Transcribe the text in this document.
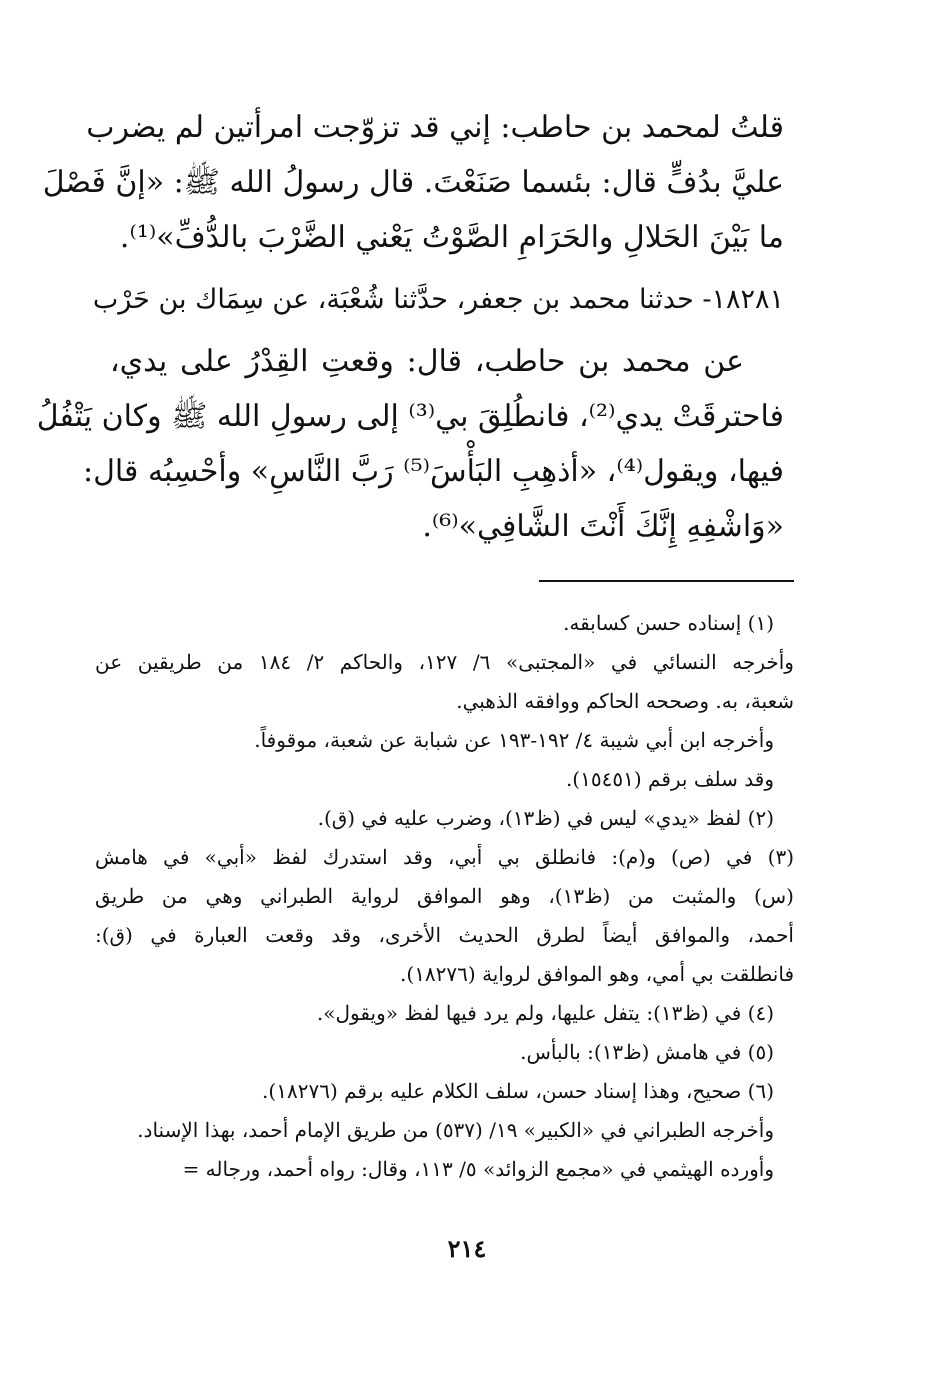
قلتُ لمحمد بن حاطب: إني قد تزوّجت امرأتين لم يضرب
عليَّ بدُفٍّ قال: بئسما صَنَعْتَ. قال رسولُ الله ﷺ: «إنَّ فَصْلَ
ما بَيْنَ الحَلالِ والحَرَامِ الصَّوْتُ يَعْني الضَّرْبَ بالدُّفِّ»⁽¹⁾.
١٨٢٨١- حدثنا محمد بن جعفر، حدَّثنا شُعْبَة، عن سِمَاك بن حَرْب
عن محمد بن حاطب، قال: وقعتِ القِدْرُ على يدي،
فاحترقَتْ يدي⁽²⁾، فانطُلِقَ بي⁽³⁾ إلى رسولِ الله ﷺ وكان يَتْفُلُ
فيها، ويقول⁽⁴⁾، «أذهِبِ البَأْسَ⁽⁵⁾ رَبَّ النَّاسِ» وأحْسِبُه قال:
«وَاشْفِهِ إِنَّكَ أَنْتَ الشَّافِي»⁽⁶⁾.
(١) إسناده حسن كسابقه.
وأخرجه النسائي في «المجتبى» ٦/ ١٢٧، والحاكم ٢/ ١٨٤ من طريقين عن
شعبة، به. وصححه الحاكم ووافقه الذهبي.
وأخرجه ابن أبي شيبة ٤/ ١٩٢-١٩٣ عن شبابة عن شعبة، موقوفاً.
وقد سلف برقم (١٥٤٥١).
(٢) لفظ «يدي» ليس في (ظ١٣)، وضرب عليه في (ق).
(٣) في (ص) و(م): فانطلق بي أبي، وقد استدرك لفظ «أبي» في هامش
(س) والمثبت من (ظ١٣)، وهو الموافق لرواية الطبراني وهي من طريق
أحمد، والموافق أيضاً لطرق الحديث الأخرى، وقد وقعت العبارة في (ق):
فانطلقت بي أمي، وهو الموافق لرواية (١٨٢٧٦).
(٤) في (ظ١٣): يتفل عليها، ولم يرد فيها لفظ «ويقول».
(٥) في هامش (ظ١٣): بالبأس.
(٦) صحيح، وهذا إسناد حسن، سلف الكلام عليه برقم (١٨٢٧٦).
وأخرجه الطبراني في «الكبير» ١٩/ (٥٣٧) من طريق الإمام أحمد، بهذا الإسناد.
وأورده الهيثمي في «مجمع الزوائد» ٥/ ١١٣، وقال: رواه أحمد، ورجاله =
٢١٤
